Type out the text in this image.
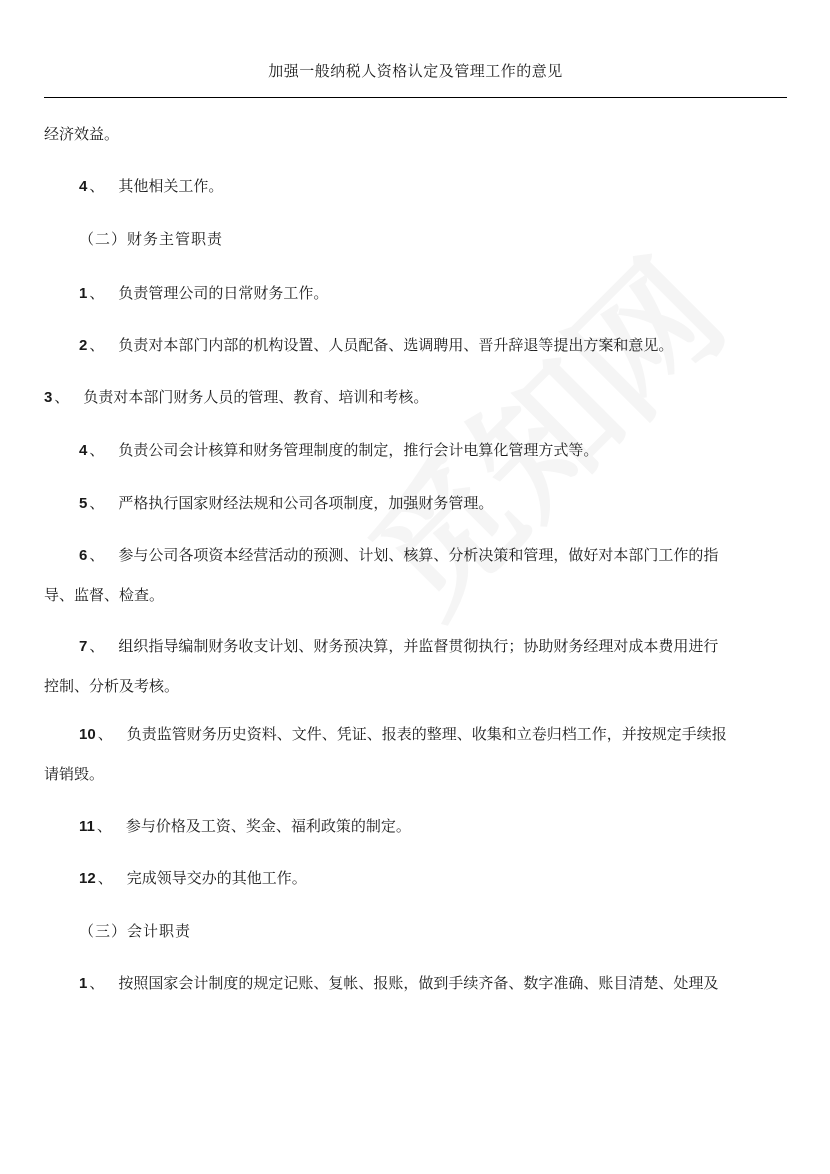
加强一般纳税人资格认定及管理工作的意见
经济效益。
4 、 其他相关工作。
（二）财务主管职责
1 、 负责管理公司的日常财务工作。
2 、 负责对本部门内部的机构设置、人员配备、选调聘用、晋升辞退等提出方案和意见。
3 、 负责对本部门财务人员的管理、教育、培训和考核。
4 、 负责公司会计核算和财务管理制度的制定，推行会计电算化管理方式等。
5 、 严格执行国家财经法规和公司各项制度，加强财务管理。
6 、 参与公司各项资本经营活动的预测、计划、核算、分析决策和管理，做好对本部门工作的指
导、监督、检查。
7 、 组织指导编制财务收支计划、财务预决算，并监督贯彻执行；协助财务经理对成本费用进行
控制、分析及考核。
10 、 负责监管财务历史资料、文件、凭证、报表的整理、收集和立卷归档工作，并按规定手续报
请销毁。
11 、 参与价格及工资、奖金、福利政策的制定。
12 、 完成领导交办的其他工作。
（三）会计职责
1 、 按照国家会计制度的规定记账、复帐、报账，做到手续齐备、数字准确、账目清楚、处理及
